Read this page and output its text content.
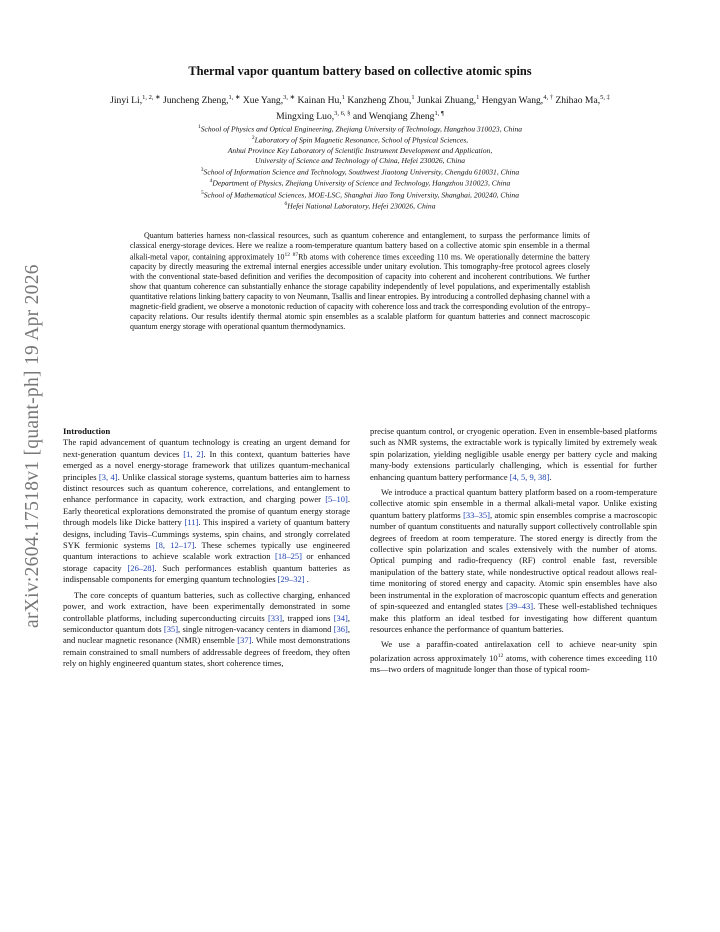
arXiv:2604.17518v1 [quant-ph] 19 Apr 2026
Thermal vapor quantum battery based on collective atomic spins
Jinyi Li,$^{1, 2, ∗}$ Juncheng Zheng,$^{1, ∗}$ Xue Yang,$^{3, ∗}$ Kainan Hu,$^1$ Kanzheng Zhou,$^1$ Junkai Zhuang,$^1$ Hengyan Wang,$^{4, \dagger}$ Zhihao Ma,$^{5, \ddagger}$ Mingxing Luo,$^{3, 6, \S}$ and Wenqiang Zheng$^{1, \P}$
$^1$School of Physics and Optical Engineering, Zhejiang University of Technology, Hangzhou 310023, China
$^2$Laboratory of Spin Magnetic Resonance, School of Physical Sciences,
Anhui Province Key Laboratory of Scientific Instrument Development and Application,
University of Science and Technology of China, Hefei 230026, China
$^3$School of Information Science and Technology, Southwest Jiaotong University, Chengdu 610031, China
$^4$Department of Physics, Zhejiang University of Science and Technology, Hangzhou 310023, China
$^5$School of Mathematical Sciences, MOE-LSC, Shanghai Jiao Tong University, Shanghai, 200240, China
$^6$Hefei National Laboratory, Hefei 230026, China
Quantum batteries harness non-classical resources, such as quantum coherence and entanglement, to surpass the performance limits of classical energy-storage devices. Here we realize a room-temperature quantum battery based on a collective atomic spin ensemble in a thermal alkali-metal vapor, containing approximately $10^{12}$ $^{87}$Rb atoms with coherence times exceeding 110 ms. We operationally determine the battery capacity by directly measuring the extremal internal energies accessible under unitary evolution. This tomography-free protocol agrees closely with the conventional state-based definition and verifies the decomposition of capacity into coherent and incoherent contributions. We further show that quantum coherence can substantially enhance the storage capability independently of level populations, and experimentally establish quantitative relations linking battery capacity to von Neumann, Tsallis and linear entropies. By introducing a controlled dephasing channel with a magnetic-field gradient, we observe a monotonic reduction of capacity with coherence loss and track the corresponding evolution of the entropy–capacity relations. Our results identify thermal atomic spin ensembles as a scalable platform for quantum batteries and connect macroscopic quantum energy storage with operational quantum thermodynamics.

Introduction
The rapid advancement of quantum technology is creating an urgent demand for next-generation quantum devices [1, 2]. In this context, quantum batteries have emerged as a novel energy-storage framework that utilizes quantum-mechanical principles [3, 4]. Unlike classical storage systems, quantum batteries aim to harness distinct resources such as quantum coherence, correlations, and entanglement to enhance performance in capacity, work extraction, and charging power [5–10]. Early theoretical explorations demonstrated the promise of quantum energy storage through models like Dicke battery [11]. This inspired a variety of quantum battery designs, including Tavis–Cummings systems, spin chains, and strongly correlated SYK fermionic systems [8, 12–17]. These schemes typically use engineered quantum interactions to achieve scalable work extraction [18–25] or enhanced storage capacity [26–28]. Such performances establish quantum batteries as indispensable components for emerging quantum technologies [29–32] .

The core concepts of quantum batteries, such as collective charging, enhanced power, and work extraction, have been experimentally demonstrated in some controllable platforms, including superconducting circuits [33], trapped ions [34], semiconductor quantum dots [35], single nitrogen-vacancy centers in diamond [36], and nuclear magnetic resonance (NMR) ensemble [37]. While most demonstrations remain constrained to small numbers of addressable degrees of freedom, they often rely on highly engineered quantum states, short coherence times,

precise quantum control, or cryogenic operation. Even in ensemble-based platforms such as NMR systems, the extractable work is typically limited by extremely weak spin polarization, yielding negligible usable energy per battery cycle and making many-body extensions particularly challenging, which is essential for further enhancing quantum battery performance [4, 5, 9, 38].

We introduce a practical quantum battery platform based on a room-temperature collective atomic spin ensemble in a thermal alkali-metal vapor. Unlike existing quantum battery platforms [33–35], atomic spin ensembles comprise a macroscopic number of quantum constituents and naturally support collectively controllable spin degrees of freedom at room temperature. The stored energy is directly from the collective spin polarization and scales extensively with the number of atoms. Optical pumping and radio-frequency (RF) control enable fast, reversible manipulation of the battery state, while nondestructive optical readout allows real-time monitoring of stored energy and capacity. Atomic spin ensembles have also been instrumental in the exploration of macroscopic quantum effects and generation of spin-squeezed and entangled states [39–43]. These well-established techniques make this platform an ideal testbed for investigating how different quantum resources enhance the performance of quantum batteries.

We use a paraffin-coated antirelaxation cell to achieve near-unity spin polarization across approximately $10^{12}$ atoms, with coherence times exceeding 110 ms—two orders of magnitude longer than those of typical room-
